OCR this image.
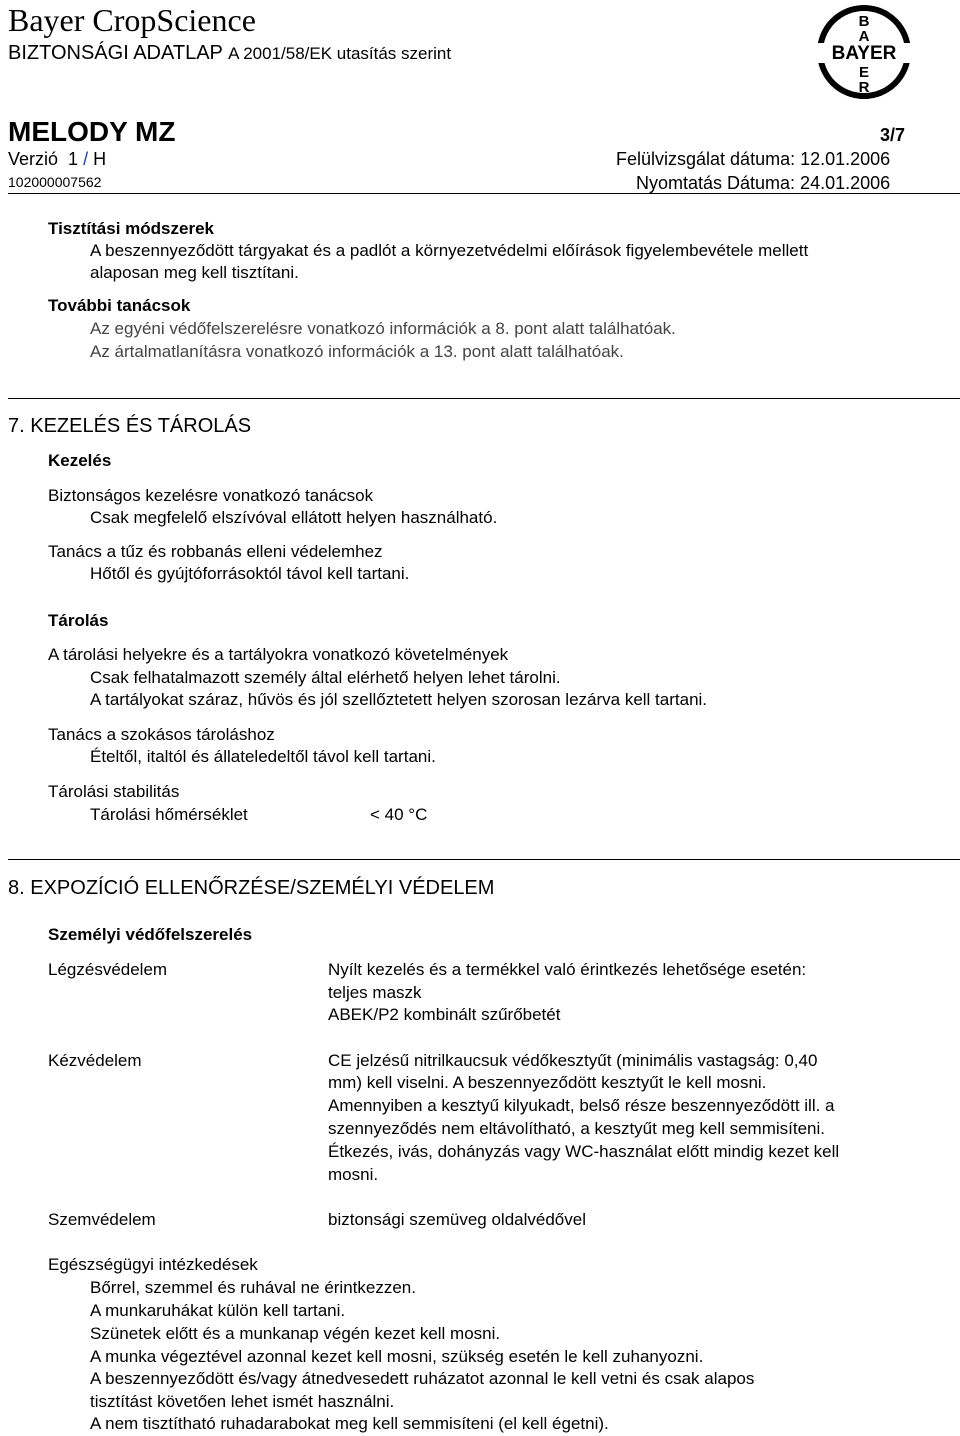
Bayer CropScience
BIZTONSÁGI ADATLAP A 2001/58/EK utasítás szerint	BAYER
B
A
E
R
MELODY MZ	3/7
Verzió 1 / H	Felülvizsgálat dátuma: 12.01.2006
102000007562	Nyomtatás Dátuma: 24.01.2006
Tisztítási módszerek
A beszennyeződött tárgyakat és a padlót a környezetvédelmi előírások figyelembevétele mellett
alaposan meg kell tisztítani.
További tanácsok
Az egyéni védőfelszerelésre vonatkozó információk a 8. pont alatt találhatóak.
Az ártalmatlanításra vonatkozó információk a 13. pont alatt találhatóak.
7. KEZELÉS ÉS TÁROLÁS
Kezelés
Biztonságos kezelésre vonatkozó tanácsok
Csak megfelelő elszívóval ellátott helyen használható.
Tanács a tűz és robbanás elleni védelemhez
Hőtől és gyújtóforrásoktól távol kell tartani.
Tárolás
A tárolási helyekre és a tartályokra vonatkozó követelmények
Csak felhatalmazott személy által elérhető helyen lehet tárolni.
A tartályokat száraz, hűvös és jól szellőztetett helyen szorosan lezárva kell tartani.
Tanács a szokásos tároláshoz
Ételtől, italtól és állateledeltől távol kell tartani.
Tárolási stabilitás
Tárolási hőmérséklet	< 40 °C
8. EXPOZÍCIÓ ELLENŐRZÉSE/SZEMÉLYI VÉDELEM
Személyi védőfelszerelés
Légzésvédelem	Nyílt kezelés és a termékkel való érintkezés lehetősége esetén:
teljes maszk
ABEK/P2 kombinált szűrőbetét
Kézvédelem	CE jelzésű nitrilkaucsuk védőkesztyűt (minimális vastagság: 0,40
mm) kell viselni. A beszennyeződött kesztyűt le kell mosni.
Amennyiben a kesztyű kilyukadt, belső része beszennyeződött ill. a
szennyeződés nem eltávolítható, a kesztyűt meg kell semmisíteni.
Étkezés, ivás, dohányzás vagy WC-használat előtt mindig kezet kell
mosni.
Szemvédelem	biztonsági szemüveg oldalvédővel
Egészségügyi intézkedések
Bőrrel, szemmel és ruhával ne érintkezzen.
A munkaruhákat külön kell tartani.
Szünetek előtt és a munkanap végén kezet kell mosni.
A munka végeztével azonnal kezet kell mosni, szükség esetén le kell zuhanyozni.
A beszennyeződött és/vagy átnedvesedett ruházatot azonnal le kell vetni és csak alapos
tisztítást követően lehet ismét használni.
A nem tisztítható ruhadarabokat meg kell semmisíteni (el kell égetni).
